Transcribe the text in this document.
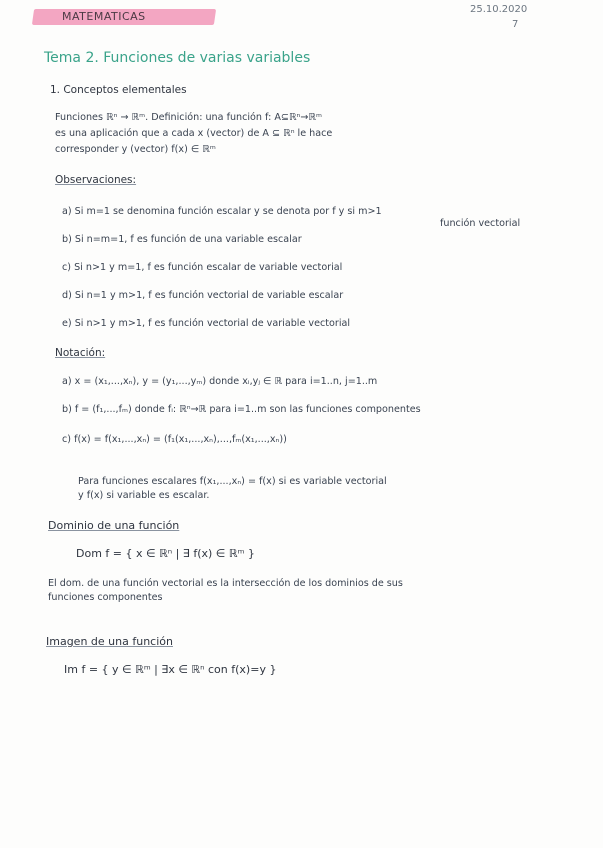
MATEMATICAS
25.10.2020
7
Tema 2. Funciones de varias variables
1. Conceptos elementales
Funciones ℝⁿ → ℝᵐ. Definición: una función f: A⊆ℝⁿ→ℝᵐ
es una aplicación que a cada x (vector) de A ⊆ ℝⁿ le hace
corresponder y (vector) f(x) ∈ ℝᵐ
Observaciones:
a) Si m=1 se denomina función escalar y se denota por f y si m>1
función vectorial
b) Si n=m=1, f es función de una variable escalar
c) Si n>1 y m=1, f es función escalar de variable vectorial
d) Si n=1 y m>1, f es función vectorial de variable escalar
e) Si n>1 y m>1, f es función vectorial de variable vectorial
Notación:
a) x = (x₁,...,xₙ), y = (y₁,...,yₘ) donde xᵢ,yⱼ ∈ ℝ para i=1..n, j=1..m
b) f = (f₁,...,fₘ) donde fᵢ: ℝⁿ→ℝ para i=1..m son las funciones componentes
c) f(x) = f(x₁,...,xₙ) = (f₁(x₁,...,xₙ),...,fₘ(x₁,...,xₙ))
Para funciones escalares f(x₁,...,xₙ) = f(x) si es variable vectorial
y f(x) si variable es escalar.
Dominio de una función
Dom f = { x ∈ ℝⁿ | ∃ f(x) ∈ ℝᵐ }
El dom. de una función vectorial es la intersección de los dominios de sus
funciones componentes
Imagen de una función
Im f = { y ∈ ℝᵐ | ∃x ∈ ℝⁿ con f(x)=y }
